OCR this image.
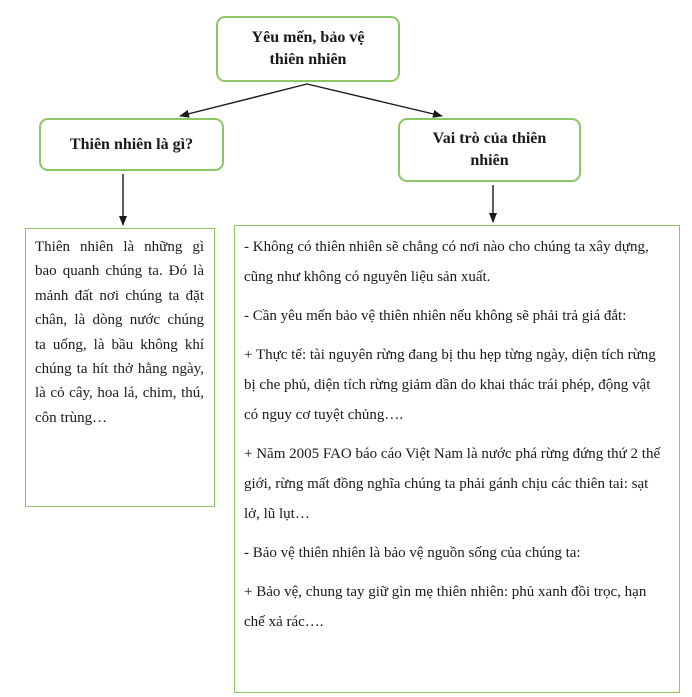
Yêu mến, bảo vệ thiên nhiên
Thiên nhiên là gì?	Vai trò của thiên nhiên

Thiên nhiên là những gì bao quanh chúng ta. Đó là mảnh đất nơi chúng ta đặt chân, là dòng nước chúng ta uống, là bầu không khí chúng ta hít thở hằng ngày, là cỏ cây, hoa lá, chim, thú, côn trùng…

- Không có thiên nhiên sẽ chẳng có nơi nào cho chúng ta xây dựng, cũng như không có nguyên liệu sản xuất.

- Cần yêu mến bảo vệ thiên nhiên nếu không sẽ phải trả giá đắt:

+ Thực tế: tài nguyên rừng đang bị thu hẹp từng ngày, diện tích rừng bị che phủ, diện tích rừng giảm dần do khai thác trái phép, động vật có nguy cơ tuyệt chủng….

+ Năm 2005 FAO báo cáo Việt Nam là nước phá rừng đứng thứ 2 thế giới, rừng mất đồng nghĩa chúng ta phải gánh chịu các thiên tai: sạt lở, lũ lụt…

- Bảo vệ thiên nhiên là bảo vệ nguồn sống của chúng ta:

+ Bảo vệ, chung tay giữ gìn mẹ thiên nhiên: phủ xanh đồi trọc, hạn chế xả rác….
